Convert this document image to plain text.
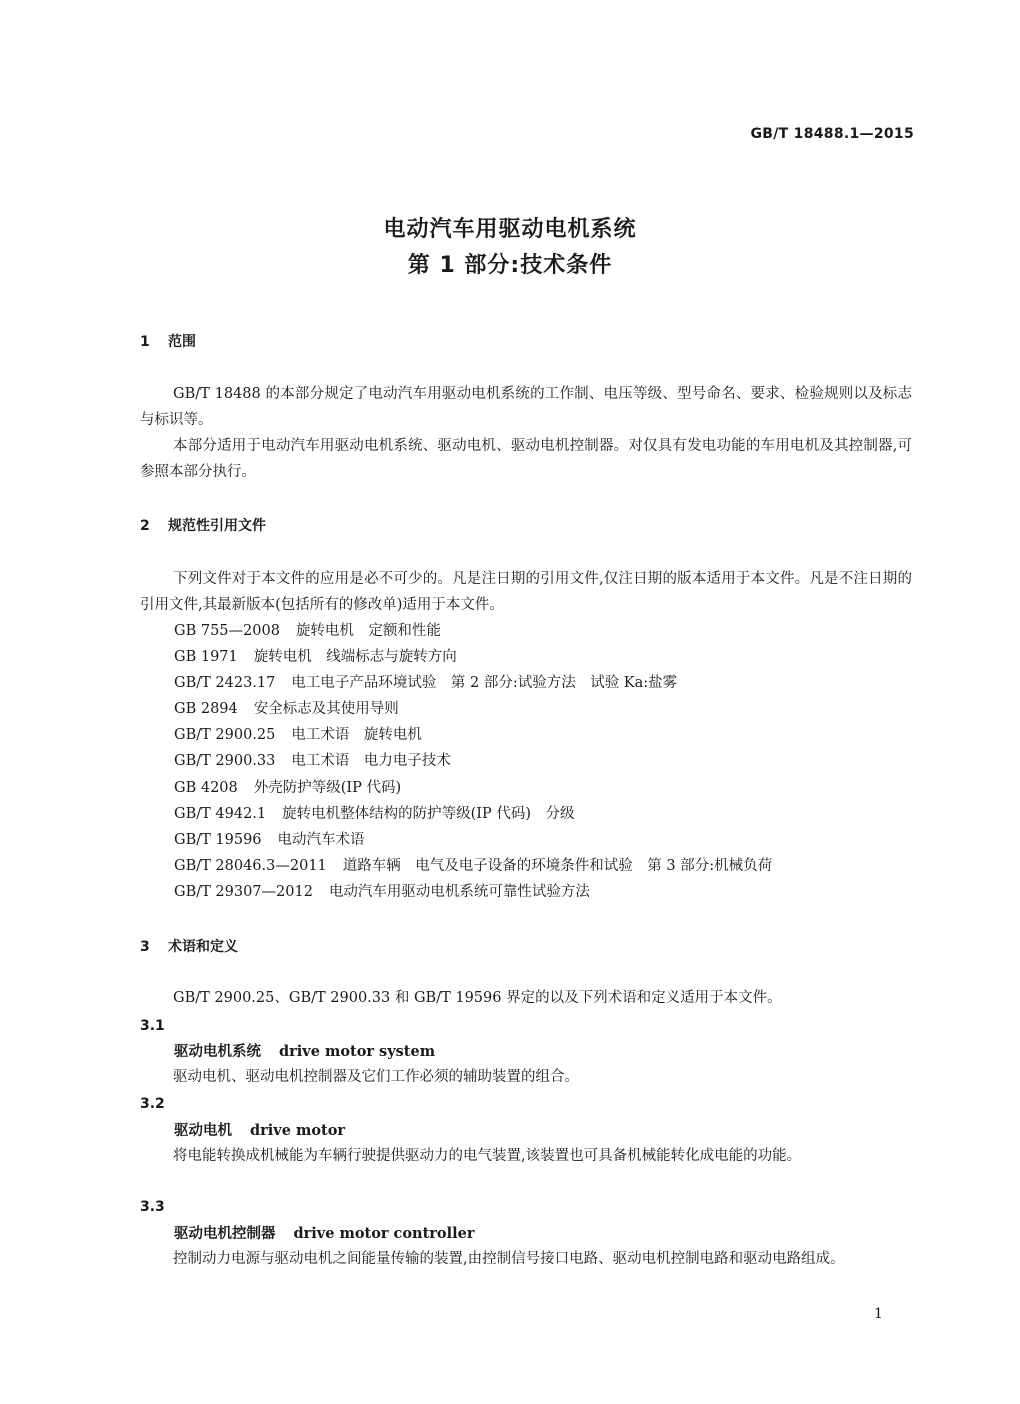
GB/T 18488.1—2015
电动汽车用驱动电机系统
第 1 部分:技术条件
1 范围
GB/T 18488 的本部分规定了电动汽车用驱动电机系统的工作制、电压等级、型号命名、要求、检验规则以及标志与标识等。
本部分适用于电动汽车用驱动电机系统、驱动电机、驱动电机控制器。对仅具有发电功能的车用电机及其控制器,可参照本部分执行。
2 规范性引用文件
下列文件对于本文件的应用是必不可少的。凡是注日期的引用文件,仅注日期的版本适用于本文件。凡是不注日期的引用文件,其最新版本(包括所有的修改单)适用于本文件。
GB 755—2008 旋转电机　定额和性能
GB 1971 旋转电机　线端标志与旋转方向
GB/T 2423.17 电工电子产品环境试验　第 2 部分:试验方法　试验 Ka:盐雾
GB 2894 安全标志及其使用导则
GB/T 2900.25 电工术语　旋转电机
GB/T 2900.33 电工术语　电力电子技术
GB 4208 外壳防护等级(IP 代码)
GB/T 4942.1 旋转电机整体结构的防护等级(IP 代码)　分级
GB/T 19596 电动汽车术语
GB/T 28046.3—2011 道路车辆　电气及电子设备的环境条件和试验　第 3 部分:机械负荷
GB/T 29307—2012 电动汽车用驱动电机系统可靠性试验方法
3 术语和定义
GB/T 2900.25、GB/T 2900.33 和 GB/T 19596 界定的以及下列术语和定义适用于本文件。
3.1
驱动电机系统 drive motor system
驱动电机、驱动电机控制器及它们工作必须的辅助装置的组合。
3.2
驱动电机 drive motor
将电能转换成机械能为车辆行驶提供驱动力的电气装置,该装置也可具备机械能转化成电能的功能。
3.3
驱动电机控制器 drive motor controller
控制动力电源与驱动电机之间能量传输的装置,由控制信号接口电路、驱动电机控制电路和驱动电路组成。
1
